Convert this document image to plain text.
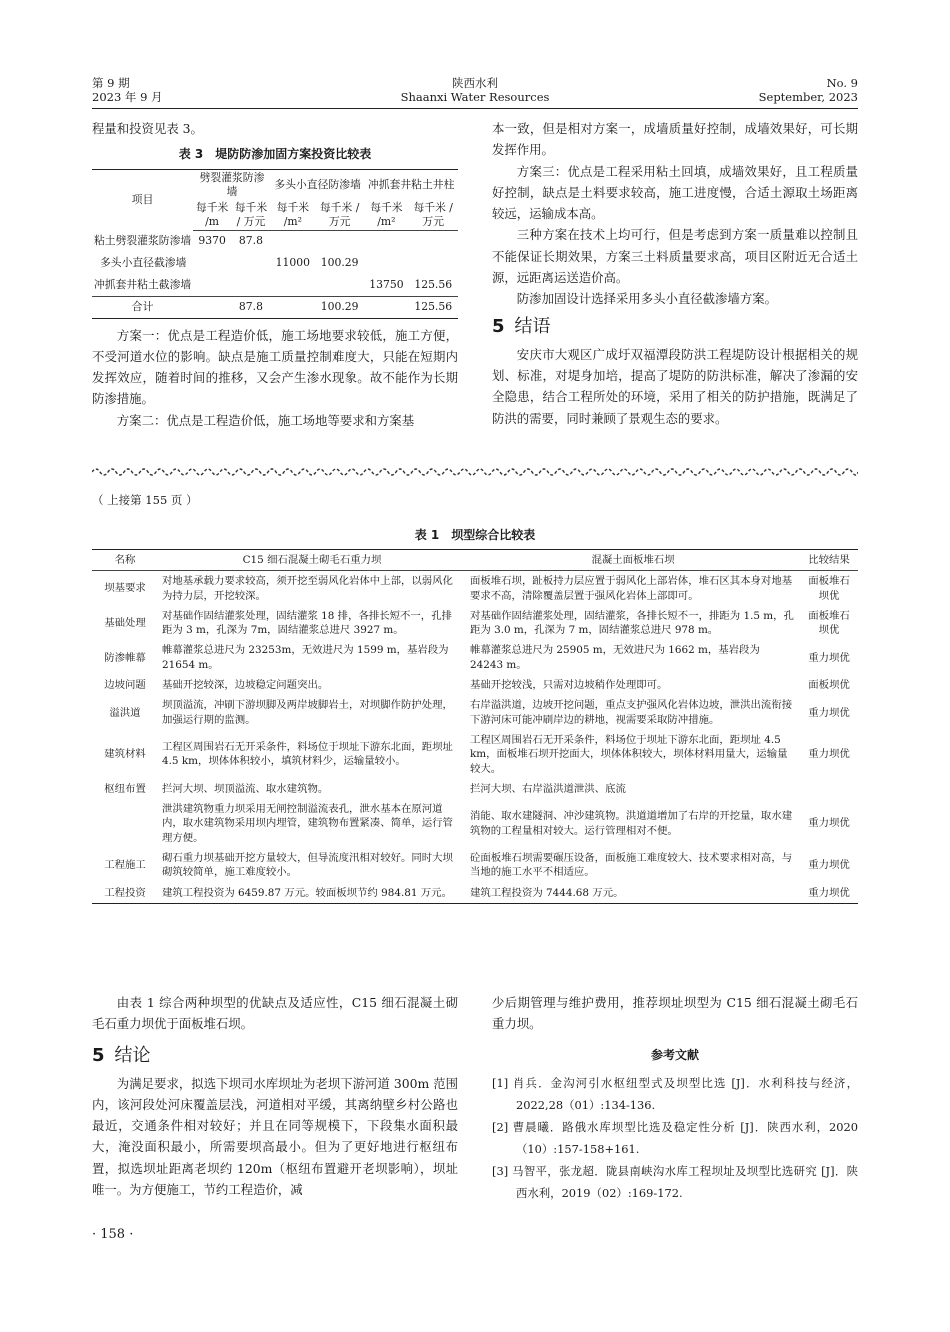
第 9 期
2023 年 9 月
陕西水利
Shaanxi Water Resources
No. 9
September, 2023

程量和投资见表 3。

表 3　堤防防渗加固方案投资比较表
项目	劈裂灌浆防渗墙		多头小直径防渗墙		冲抓套井粘土井柱	
	每千米 /m	每千米 / 万元	每千米 /m²	每千米 / 万元	每千米 /m²	每千米 / 万元
粘土劈裂灌浆防渗墙	9370	87.8				
多头小直径截渗墙			11000	100.29		
冲抓套井粘土截渗墙					13750	125.56
合计		87.8		100.29		125.56

方案一：优点是工程造价低，施工场地要求较低，施工方便，不受河道水位的影响。缺点是施工质量控制难度大，只能在短期内发挥效应，随着时间的推移，又会产生渗水现象。故不能作为长期防渗措施。

方案二：优点是工程造价低，施工场地等要求和方案基

本一致，但是相对方案一，成墙质量好控制，成墙效果好，可长期发挥作用。

方案三：优点是工程采用粘土回填，成墙效果好，且工程质量好控制，缺点是土料要求较高，施工进度慢，合适土源取土场距离较远，运输成本高。

三种方案在技术上均可行，但是考虑到方案一质量难以控制且不能保证长期效果，方案三土料质量要求高，项目区附近无合适土源，远距离运送造价高。

防渗加固设计选择采用多头小直径截渗墙方案。

5 结语

安庆市大观区广成圩双福潭段防洪工程堤防设计根据相关的规划、标准，对堤身加培，提高了堤防的防洪标准，解决了渗漏的安全隐患，结合工程所处的环境，采用了相关的防护措施，既满足了防洪的需要，同时兼顾了景观生态的要求。

（ 上接第 155 页 ）
表 1　坝型综合比较表
名称	C15 细石混凝土砌毛石重力坝	混凝土面板堆石坝	比较结果
坝基要求	对地基承载力要求较高，须开挖至弱风化岩体中上部，以弱风化为持力层，开挖较深。	面板堆石坝，趾板持力层应置于弱风化上部岩体，堆石区其本身对地基要求不高，清除覆盖层置于强风化岩体上部即可。	面板堆石坝优
基础处理	对基础作固结灌浆处理，固结灌浆 18 排，各排长短不一，孔排距为 3 m，孔深为 7m，固结灌浆总进尺 3927 m。	对基础作固结灌浆处理，固结灌浆，各排长短不一，排距为 1.5 m，孔距为 3.0 m，孔深为 7 m，固结灌浆总进尺 978 m。	面板堆石坝优
防渗帷幕	帷幕灌浆总进尺为 23253m，无效进尺为 1599 m，基岩段为 21654 m。	帷幕灌浆总进尺为 25905 m，无效进尺为 1662 m，基岩段为 24243 m。	重力坝优
边坡问题	基础开挖较深，边坡稳定问题突出。	基础开挖较浅，只需对边坡稍作处理即可。	面板坝优
溢洪道	坝顶溢流，冲刷下游坝脚及两岸坡脚岩土，对坝脚作防护处理，加强运行期的监测。	右岸溢洪道，边坡开挖问题，重点支护强风化岩体边坡，泄洪出流衔接下游河床可能冲刷岸边的耕地，视需要采取防冲措施。	重力坝优
建筑材料	工程区周围岩石无开采条件，料场位于坝址下游东北面，距坝址 4.5 km，坝体体积较小，填筑材料少，运输量较小。	工程区周围岩石无开采条件，料场位于坝址下游东北面，距坝址 4.5 km，面板堆石坝开挖面大，坝体体积较大，坝体材料用量大，运输量较大。	重力坝优
枢纽布置	拦河大坝、坝顶溢流、取水建筑物。	拦河大坝、右岸溢洪道泄洪、底流	
	泄洪建筑物重力坝采用无闸控制溢流表孔，泄水基本在原河道内，取水建筑物采用坝内埋管，建筑物布置紧凑、简单，运行管理方便。	消能、取水建隧洞、冲沙建筑物。洪道道增加了右岸的开挖量，取水建筑物的工程量相对较大。运行管理相对不便。	重力坝优
工程施工	砌石重力坝基础开挖方量较大，但导流度汛相对较好。同时大坝砌筑较简单，施工难度较小。	砼面板堆石坝需要碾压设备，面板施工难度较大、技术要求相对高，与当地的施工水平不相适应。	重力坝优
工程投资	建筑工程投资为 6459.87 万元。较面板坝节约 984.81 万元。	建筑工程投资为 7444.68 万元。	重力坝优

由表 1 综合两种坝型的优缺点及适应性，C15 细石混凝土砌毛石重力坝优于面板堆石坝。

5 结论

为满足要求，拟选下坝司水库坝址为老坝下游河道 300m 范围内，该河段处河床覆盖层浅，河道相对平缓，其离纳壁乡村公路也最近，交通条件相对较好；并且在同等规模下，下段集水面积最大，淹没面积最小，所需要坝高最小。但为了更好地进行枢纽布置，拟选坝址距离老坝约 120m（枢纽布置避开老坝影响），坝址唯一。为方便施工，节约工程造价，减

少后期管理与维护费用，推荐坝址坝型为 C15 细石混凝土砌毛石重力坝。

参考文献
[1] 肖兵．金沟河引水枢纽型式及坝型比选 [J]．水利科技与经济，2022,28（01）:134-136.
[2] 曹晨曦．路俄水库坝型比选及稳定性分析 [J]．陕西水利，2020（10）:157-158+161.
[3] 马智平，张龙超．陇县南峡沟水库工程坝址及坝型比选研究 [J]．陕西水利，2019（02）:169-172.
· 158 ·
